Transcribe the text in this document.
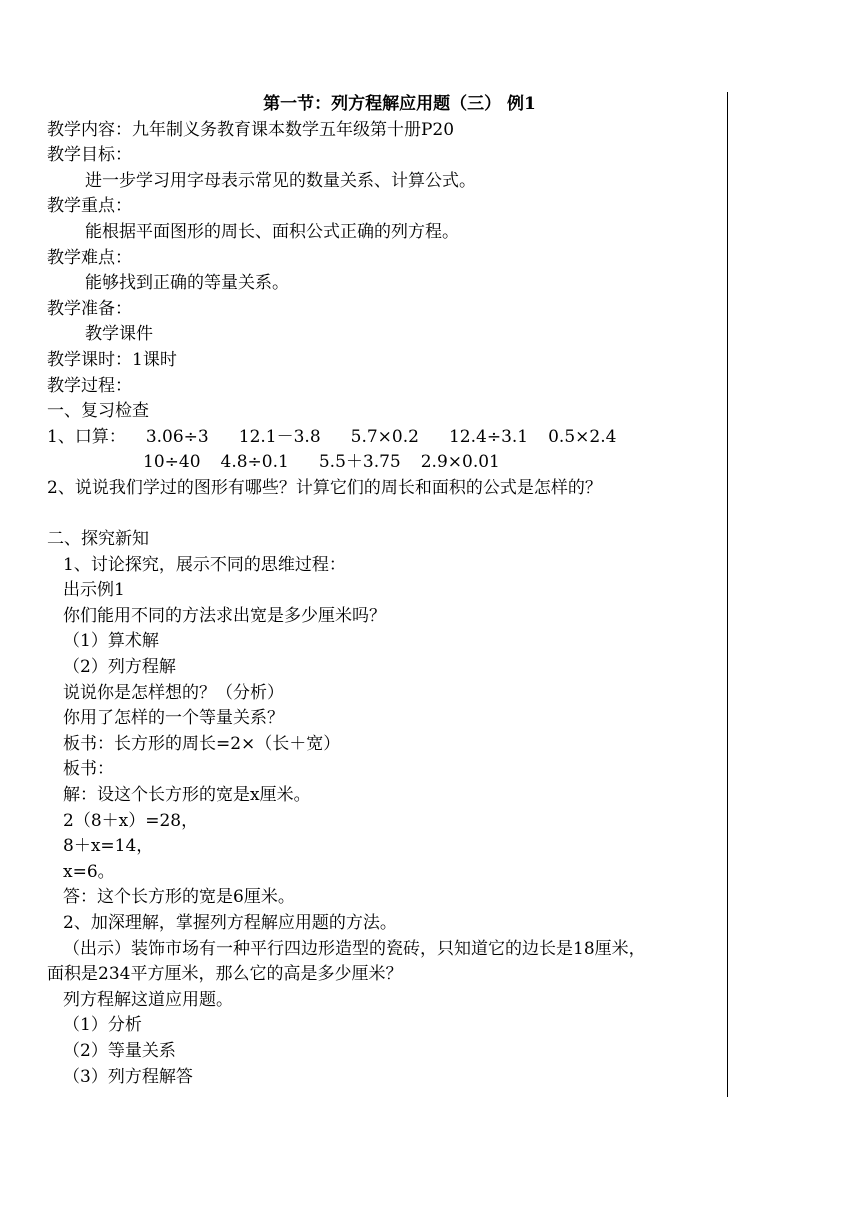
第一节：列方程解应用题（三） 例1

教学内容：九年制义务教育课本数学五年级第十册P20

教学目标：

进一步学习用字母表示常见的数量关系、计算公式。

教学重点：

能根据平面图形的周长、面积公式正确的列方程。

教学难点：

能够找到正确的等量关系。

教学准备：

教学课件

教学课时：1课时

教学过程：

一、复习检查

1、口算： 3.06÷3 12.1－3.8 5.7×0.2 12.4÷3.1 0.5×2.4

10÷40 4.8÷0.1 5.5＋3.75 2.9×0.01

2、说说我们学过的图形有哪些？计算它们的周长和面积的公式是怎样的？

二、探究新知

1、讨论探究，展示不同的思维过程：

出示例1

你们能用不同的方法求出宽是多少厘米吗？

（1）算术解

（2）列方程解

说说你是怎样想的？（分析）

你用了怎样的一个等量关系？

板书：长方形的周长=2×（长＋宽）

板书：

解：设这个长方形的宽是x厘米。

2（8＋x）=28，

8＋x=14，

x=6。

答：这个长方形的宽是6厘米。

2、加深理解，掌握列方程解应用题的方法。

（出示）装饰市场有一种平行四边形造型的瓷砖，只知道它的边长是18厘米，

面积是234平方厘米，那么它的高是多少厘米？

列方程解这道应用题。

（1）分析

（2）等量关系

（3）列方程解答
